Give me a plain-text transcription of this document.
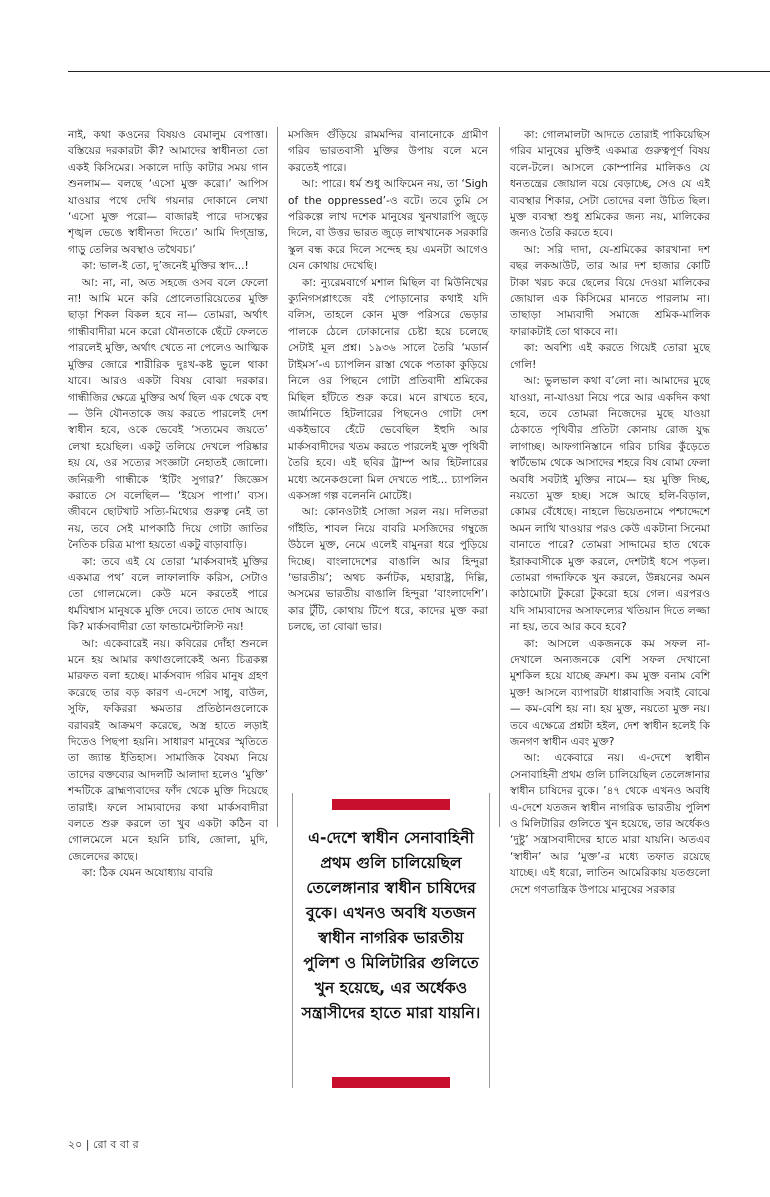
নাই, কথা কওনের বিষয়ও বেমালুম বেপাত্তা। বস্তিয়ের দরকারটা কী? আমাদের স্বাধীনতা তো একই কিসিমের। সকালে দাড়ি কাটার সময় গান শুনলাম— বলছে ‘এসো মুক্ত করো।’ আপিস যাওয়ার পথে দেখি গয়নার দোকানে লেখা ‘এসো মুক্ত পরো— বাজারই পারে দাসত্বের শৃঙ্খল ভেঙে স্বাধীনতা দিতে।’ আমি দিগ্‌ভ্রান্ত, গাড়ু তেলির অবস্থাও তথৈবচ।’

কা: ভাল-ই তো, দু’জনেই মুক্তির স্বাদ...!

আ: না, না, অত সহজে ওসব বলে ফেলো না! আমি মনে করি প্রোলেতারিয়েতের মুক্তি ছাড়া শিকল বিকল হবে না— তোমরা, অর্থাৎ গান্ধীবাদীরা মনে করো যৌনতাকে ছেঁটে ফেলতে পারলেই মুক্তি, অর্থাৎ খেতে না পেলেও আত্মিক মুক্তির জোরে শারীরিক দুঃখ-কষ্ট ভুলে থাকা যাবে। আরও একটা বিষয় বোঝা দরকার। গান্ধীজির ক্ষেত্রে মুক্তির অর্থ ছিল এক থেকে বহু— উনি যৌনতাকে জয় করতে পারলেই দেশ স্বাধীন হবে, ওকে ভেবেই ‘সত্যমেব জয়তে’ লেখা হয়েছিল। একটু তলিয়ে দেখলে পরিষ্কার হয় যে, ওর সত্যের সংজ্ঞাটা নেহাতই জোলো। জনিরূপী গান্ধীকে ‘ইটিং সুগার?’ জিজ্ঞেস করাতে সে বলেছিল— ‘ইয়েস পাপা।’ ব্যস। জীবনে ছোটখাট সত্যি-মিথ্যের গুরুত্ব নেই তা নয়, তবে সেই মাপকাঠি দিয়ে গোটা জাতির নৈতিক চরিত্র মাপা হয়তো একটু বাড়াবাড়ি।

কা: তবে এই যে তোরা ‘মার্কসবাদই মুক্তির একমাত্র পথ’ বলে লাফালাফি করিস, সেটাও তো গোলমেলে। কেউ মনে করতেই পারে ধর্মবিশ্বাস মানুষকে মুক্তি দেবে। তাতে দোষ আছে কি? মার্কসবাদীরা তো ফান্ডামেন্টালিস্ট নয়!

আ: একেবারেই নয়। কবিরের দোঁহা শুনলে মনে হয় আমার কথাগুলোকেই অন্য চিত্রকল্প মারফত বলা হচ্ছে। মার্কসবাদ গরিব মানুষ গ্রহণ করেছে তার বড় কারণ এ-দেশে সাধু, বাউল, সুফি, ফকিররা ক্ষমতার প্রতিষ্ঠানগুলোকে বরাবরই আক্রমণ করেছে, অস্ত্র হাতে লড়াই দিতেও পিছপা হয়নি। সাধারণ মানুষের স্মৃতিতে তা জ্যান্ত ইতিহাস। সামাজিক বৈষম্য নিয়ে তাদের বক্তব্যের আদলটি আলাদা হলেও ‘মুক্তি’ শব্দটিকে ব্রাহ্মণ্যবাদের ফাঁদ থেকে মুক্তি দিয়েছে তারাই। ফলে সাম্যবাদের কথা মার্কসবাদীরা বলতে শুরু করলে তা খুব একটা কঠিন বা গোলমেলে মনে হয়নি চাষি, জোলা, মুদি, জেলেদের কাছে।

কা: ঠিক যেমন অযোধ্যায় বাবরি

মসজিদ গুঁড়িয়ে রামমন্দির বানানোকে গ্রামীণ গরিব ভারতবাসী মুক্তির উপায় বলে মনে করতেই পারে।

আ: পারে। ধর্ম শুধু আফিমেন নয়, তা ‘Sigh of the oppressed’-ও বটে। তবে তুমি সে পরিকল্পে লাখ দশেক মানুষের খুনখারাপি জুড়ে দিলে, বা উত্তর ভারত জুড়ে লাখখানেক সরকারি স্কুল বন্ধ করে দিলে সন্দেহ হয় এমনটা আগেও যেন কোথায় দেখেছি।

কা: ন্যুরেমবার্গে মশাল মিছিল বা মিউনিখের ক্যুনিগসপ্লাৎজে বই পোড়ানোর কথাই যদি বলিস, তাহলে কোন মুক্ত পরিসরে ভেড়ার পালকে ঠেলে ঢোকানোর চেষ্টা হয়ে চলেছে সেটাই মূল প্রশ্ন। ১৯৩৬ সালে তৈরি ‘মডার্ন টাইমস’-এ চ্যাপলিন রাস্তা থেকে পতাকা কুড়িয়ে নিলে ওর পিছনে গোটা প্রতিবাদী শ্রমিকের মিছিল হাঁটতে শুরু করে। মনে রাখতে হবে, জার্মানিতে হিটলারের পিছনেও গোটা দেশ একইভাবে হেঁটে ভেবেছিল ইহুদি আর মার্কসবাদীদের খতম করতে পারলেই মুক্ত পৃথিবী তৈরি হবে। এই ছবির ট্রাম্প আর হিটলারের মধ্যে অনেকগুলো মিল দেখতে পাই... চ্যাপলিন একসঙ্গা গল্প বলেননি মোটেই।

আ: কোনওটাই সোজা সরল নয়। দলিতরা গাঁইতি, শাবল নিয়ে বাবরি মসজিদের গম্বুজে উঠলে মুক্ত, নেমে এলেই বামুনরা ধরে পুড়িয়ে দিচ্ছে। বাংলাদেশের বাঙালি আর হিন্দুরা ‘ভারতীয়’; অথচ কর্নাটক, মহারাষ্ট্র, দিল্লি, অসমের ভারতীয় বাঙালি হিন্দুরা ‘বাংলাদেশি’। কার টুঁটি, কোথায় টিপে ধরে, কাদের মুক্ত করা চলছে, তা বোঝা ভার।

কা: গোলমালটা আদতে তোরাই পাকিয়েছিস গরিব মানুষের মুক্তিই একমাত্র গুরুত্বপূর্ণ বিষয় বলে-টলে। আসলে কোম্পানির মালিকও যে ধনতন্ত্রের জোয়াল বয়ে বেড়াচ্ছে, সেও যে এই ব্যবস্থার শিকার, সেটা তোদের বলা উচিত ছিল। মুক্ত ব্যবস্থা শুধু শ্রমিকের জন্য নয়, মালিকের জন্যও তৈরি করতে হবে।

আ: সরি দাদা, যে-শ্রমিকের কারখানা দশ বছর লকআউট, তার আর দশ হাজার কোটি টাকা খরচ করে ছেলের বিয়ে দেওয়া মালিকের জোয়াল এক কিসিমের মানতে পারলাম না। তাছাড়া সাম্যবাদী সমাজে শ্রমিক-মালিক ফারাকটাই তো থাকবে না।

কা: অবশ্যি এই করতে গিয়েই তোরা মুছে গেলি!

আ: ভুলভাল কথা ব’লো না। আমাদের মুছে যাওয়া, না-যাওয়া নিয়ে পরে আর একদিন কথা হবে, তবে তোমরা নিজেদের মুছে যাওয়া ঠেকাতে পৃথিবীর প্রতিটা কোনায় রোজ যুদ্ধ লাগাচ্ছ। আফগানিস্তানে গরিব চাষির কুঁড়েতে স্বার্টভোম থেকে আসাদের শহরে বিষ বোমা ফেলা অবধি সবটাই মুক্তির নামে— হয় মুক্তি দিচ্ছ, নয়তো মুক্ত হচ্ছ। সঙ্গে আছে হলি-বিড়াল, কোমর বেঁধেছে। নাহলে ভিয়েতনামে পশ্চাদ্দেশে অমন লাথি খাওয়ার পরও কেউ একটানা সিনেমা বানাতে পারে? তোমরা সাদ্দামের হাত থেকে ইরাকবাসীকে মুক্ত করলে, দেশটাই ধসে পড়ল। তোমরা গদ্দাফিকে খুন করলে, উন্নয়নের অমন কাঠামোটা টুকরো টুকরো হয়ে গেল। এরপরও যদি সাম্যবাদের অসাফল্যের খতিয়ান দিতে লজ্জা না হয়, তবে আর কবে হবে?

কা: আসলে একজনকে কম সফল না-দেখালে অন্যজনকে বেশি সফল দেখানো মুশকিল হয়ে যাচ্ছে ক্রমশ। কম মুক্ত বনাম বেশি মুক্ত! আসলে ব্যাপারটা ধাপ্পাবাজি সবাই বোঝে— কম-বেশি হয় না। হয় মুক্ত, নয়তো মুক্ত নয়। তবে এক্ষেত্রে প্রশ্নটা হইল, দেশ স্বাধীন হলেই কি জনগণ স্বাধীন এবং মুক্ত?

আ: একেবারে নয়। এ-দেশে স্বাধীন সেনাবাহিনী প্রথম গুলি চালিয়েছিল তেলেঙ্গানার স্বাধীন চাষিদের বুকে। ’৪৭ থেকে এখনও অবধি এ-দেশে যতজন স্বাধীন নাগরিক ভারতীয় পুলিশ ও মিলিটারির গুলিতে খুন হয়েছে, তার অর্ধেকও ‘দুষ্টু’ সন্ত্রাসবাদীদের হাতে মারা যায়নি। অতএব ‘স্বাধীন’ আর ‘মুক্ত’-র মধ্যে তফাত রয়েছে যাচ্ছে। এই ধরো, লাতিন আমেরিকায় যতগুলো দেশে গণতান্ত্রিক উপায়ে মানুষের সরকার

এ-দেশে স্বাধীন সেনাবাহিনী প্রথম গুলি চালিয়েছিল তেলেঙ্গানার স্বাধীন চাষিদের বুকে। এখনও অবধি যতজন স্বাধীন নাগরিক ভারতীয় পুলিশ ও মিলিটারির গুলিতে খুন হয়েছে, এর অর্ধেকও সন্ত্রাসীদের হাতে মারা যায়নি।
২০ | রো ব বা র
